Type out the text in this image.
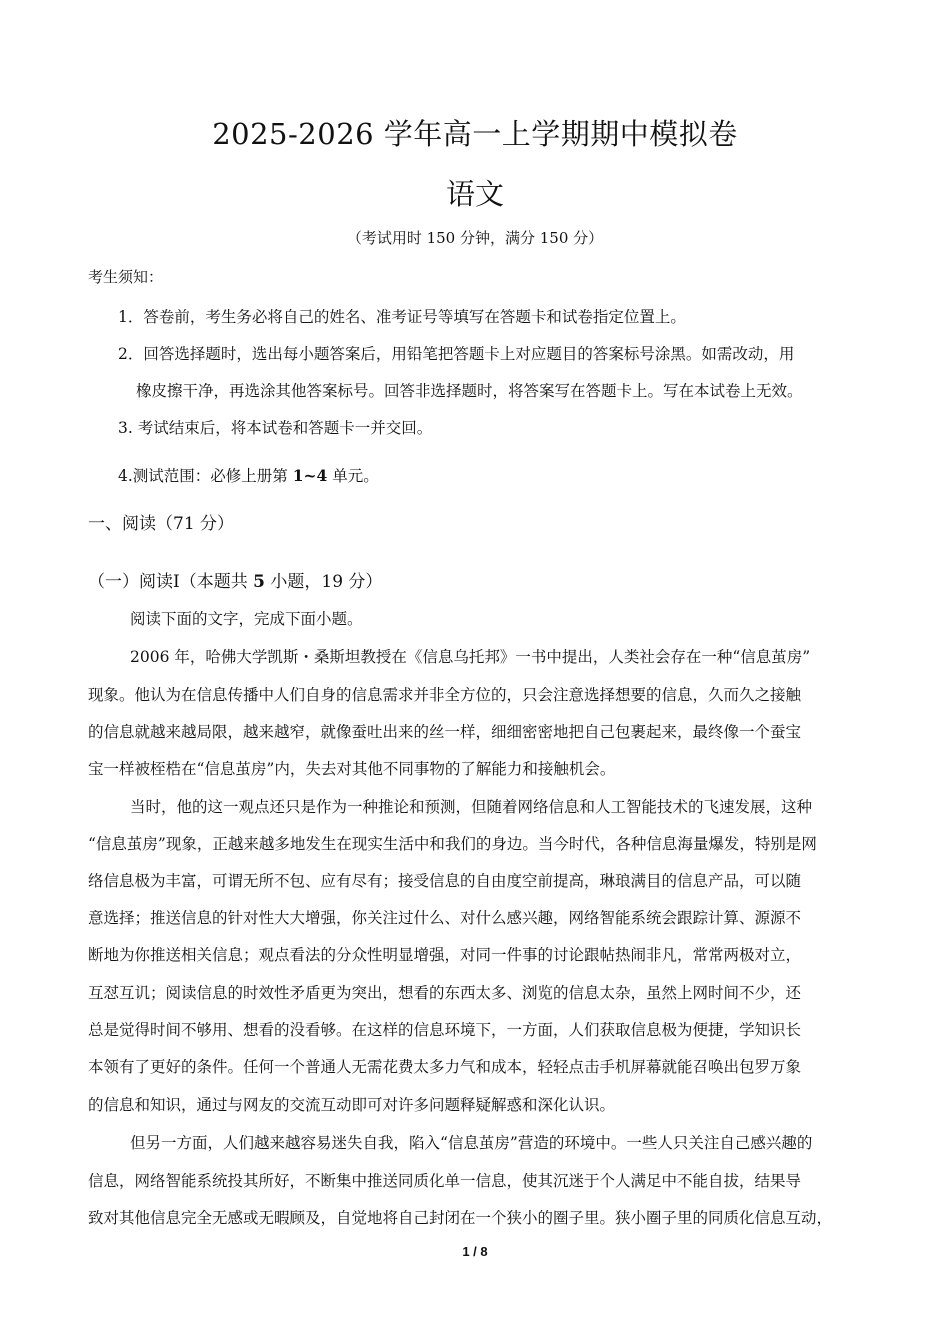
2025-2026 学年高一上学期期中模拟卷
语文
（考试用时 150 分钟，满分 150 分）
考生须知：
1．答卷前，考生务必将自己的姓名、准考证号等填写在答题卡和试卷指定位置上。
2．回答选择题时，选出每小题答案后，用铅笔把答题卡上对应题目的答案标号涂黑。如需改动，用
橡皮擦干净，再选涂其他答案标号。回答非选择题时，将答案写在答题卡上。写在本试卷上无效。
3. 考试结束后，将本试卷和答题卡一并交回。
4.测试范围：必修上册第 1~4 单元。
一、阅读（71 分）
（一）阅读Ⅰ（本题共 5 小题，19 分）
阅读下面的文字，完成下面小题。
2006 年，哈佛大学凯斯・桑斯坦教授在《信息乌托邦》一书中提出，人类社会存在一种“信息茧房”
现象。他认为在信息传播中人们自身的信息需求并非全方位的，只会注意选择想要的信息，久而久之接触
的信息就越来越局限，越来越窄，就像蚕吐出来的丝一样，细细密密地把自己包裹起来，最终像一个蚕宝
宝一样被桎梏在“信息茧房”内，失去对其他不同事物的了解能力和接触机会。
当时，他的这一观点还只是作为一种推论和预测，但随着网络信息和人工智能技术的飞速发展，这种
“信息茧房”现象，正越来越多地发生在现实生活中和我们的身边。当今时代，各种信息海量爆发，特别是网
络信息极为丰富，可谓无所不包、应有尽有；接受信息的自由度空前提高，琳琅满目的信息产品，可以随
意选择；推送信息的针对性大大增强，你关注过什么、对什么感兴趣，网络智能系统会跟踪计算、源源不
断地为你推送相关信息；观点看法的分众性明显增强，对同一件事的讨论跟帖热闹非凡，常常两极对立，
互怼互讥；阅读信息的时效性矛盾更为突出，想看的东西太多、浏览的信息太杂，虽然上网时间不少，还
总是觉得时间不够用、想看的没看够。在这样的信息环境下，一方面，人们获取信息极为便捷，学知识长
本领有了更好的条件。任何一个普通人无需花费太多力气和成本，轻轻点击手机屏幕就能召唤出包罗万象
的信息和知识，通过与网友的交流互动即可对许多问题释疑解惑和深化认识。
但另一方面，人们越来越容易迷失自我，陷入“信息茧房”营造的环境中。一些人只关注自己感兴趣的
信息，网络智能系统投其所好，不断集中推送同质化单一信息，使其沉迷于个人满足中不能自拔，结果导
致对其他信息完全无感或无暇顾及，自觉地将自己封闭在一个狭小的圈子里。狭小圈子里的同质化信息互动，
1 / 8
